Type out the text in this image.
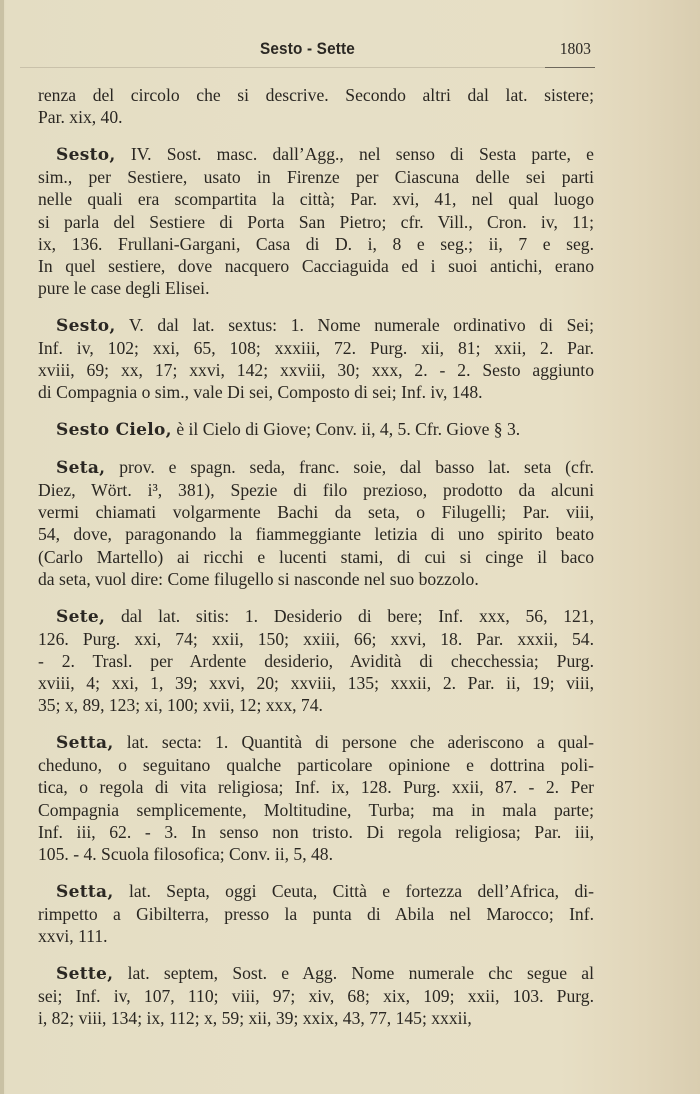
Sesto - Sette	1803
renza del circolo che si descrive. Secondo altri dal lat. sistere;
Par. xix, 40.
Sesto, IV. Sost. masc. dall’Agg., nel senso di Sesta parte, e
sim., per Sestiere, usato in Firenze per Ciascuna delle sei parti
nelle quali era scompartita la città; Par. xvi, 41, nel qual luogo
si parla del Sestiere di Porta San Pietro; cfr. Vill., Cron. iv, 11;
ix, 136. Frullani-Gargani, Casa di D. i, 8 e seg.; ii, 7 e seg.
In quel sestiere, dove nacquero Cacciaguida ed i suoi antichi, erano
pure le case degli Elisei.
Sesto, V. dal lat. sextus: 1. Nome numerale ordinativo di Sei;
Inf. iv, 102; xxi, 65, 108; xxxiii, 72. Purg. xii, 81; xxii, 2. Par.
xviii, 69; xx, 17; xxvi, 142; xxviii, 30; xxx, 2. - 2. Sesto aggiunto
di Compagnia o sim., vale Di sei, Composto di sei; Inf. iv, 148.
Sesto Cielo, è il Cielo di Giove; Conv. ii, 4, 5. Cfr. Giove § 3.
Seta, prov. e spagn. seda, franc. soie, dal basso lat. seta (cfr.
Diez, Wört. i³, 381), Spezie di filo prezioso, prodotto da alcuni
vermi chiamati volgarmente Bachi da seta, o Filugelli; Par. viii,
54, dove, paragonando la fiammeggiante letizia di uno spirito beato
(Carlo Martello) ai ricchi e lucenti stami, di cui si cinge il baco
da seta, vuol dire: Come filugello si nasconde nel suo bozzolo.
Sete, dal lat. sitis: 1. Desiderio di bere; Inf. xxx, 56, 121,
126. Purg. xxi, 74; xxii, 150; xxiii, 66; xxvi, 18. Par. xxxii, 54.
- 2. Trasl. per Ardente desiderio, Avidità di checchessia; Purg.
xviii, 4; xxi, 1, 39; xxvi, 20; xxviii, 135; xxxii, 2. Par. ii, 19; viii,
35; x, 89, 123; xi, 100; xvii, 12; xxx, 74.
Setta, lat. secta: 1. Quantità di persone che aderiscono a qual-
cheduno, o seguitano qualche particolare opinione e dottrina poli-
tica, o regola di vita religiosa; Inf. ix, 128. Purg. xxii, 87. - 2. Per
Compagnia semplicemente, Moltitudine, Turba; ma in mala parte;
Inf. iii, 62. - 3. In senso non tristo. Di regola religiosa; Par. iii,
105. - 4. Scuola filosofica; Conv. ii, 5, 48.
Setta, lat. Septa, oggi Ceuta, Città e fortezza dell’Africa, di-
rimpetto a Gibilterra, presso la punta di Abila nel Marocco; Inf.
xxvi, 111.
Sette, lat. septem, Sost. e Agg. Nome numerale chc segue al
sei; Inf. iv, 107, 110; viii, 97; xiv, 68; xix, 109; xxii, 103. Purg.
i, 82; viii, 134; ix, 112; x, 59; xii, 39; xxix, 43, 77, 145; xxxii,
